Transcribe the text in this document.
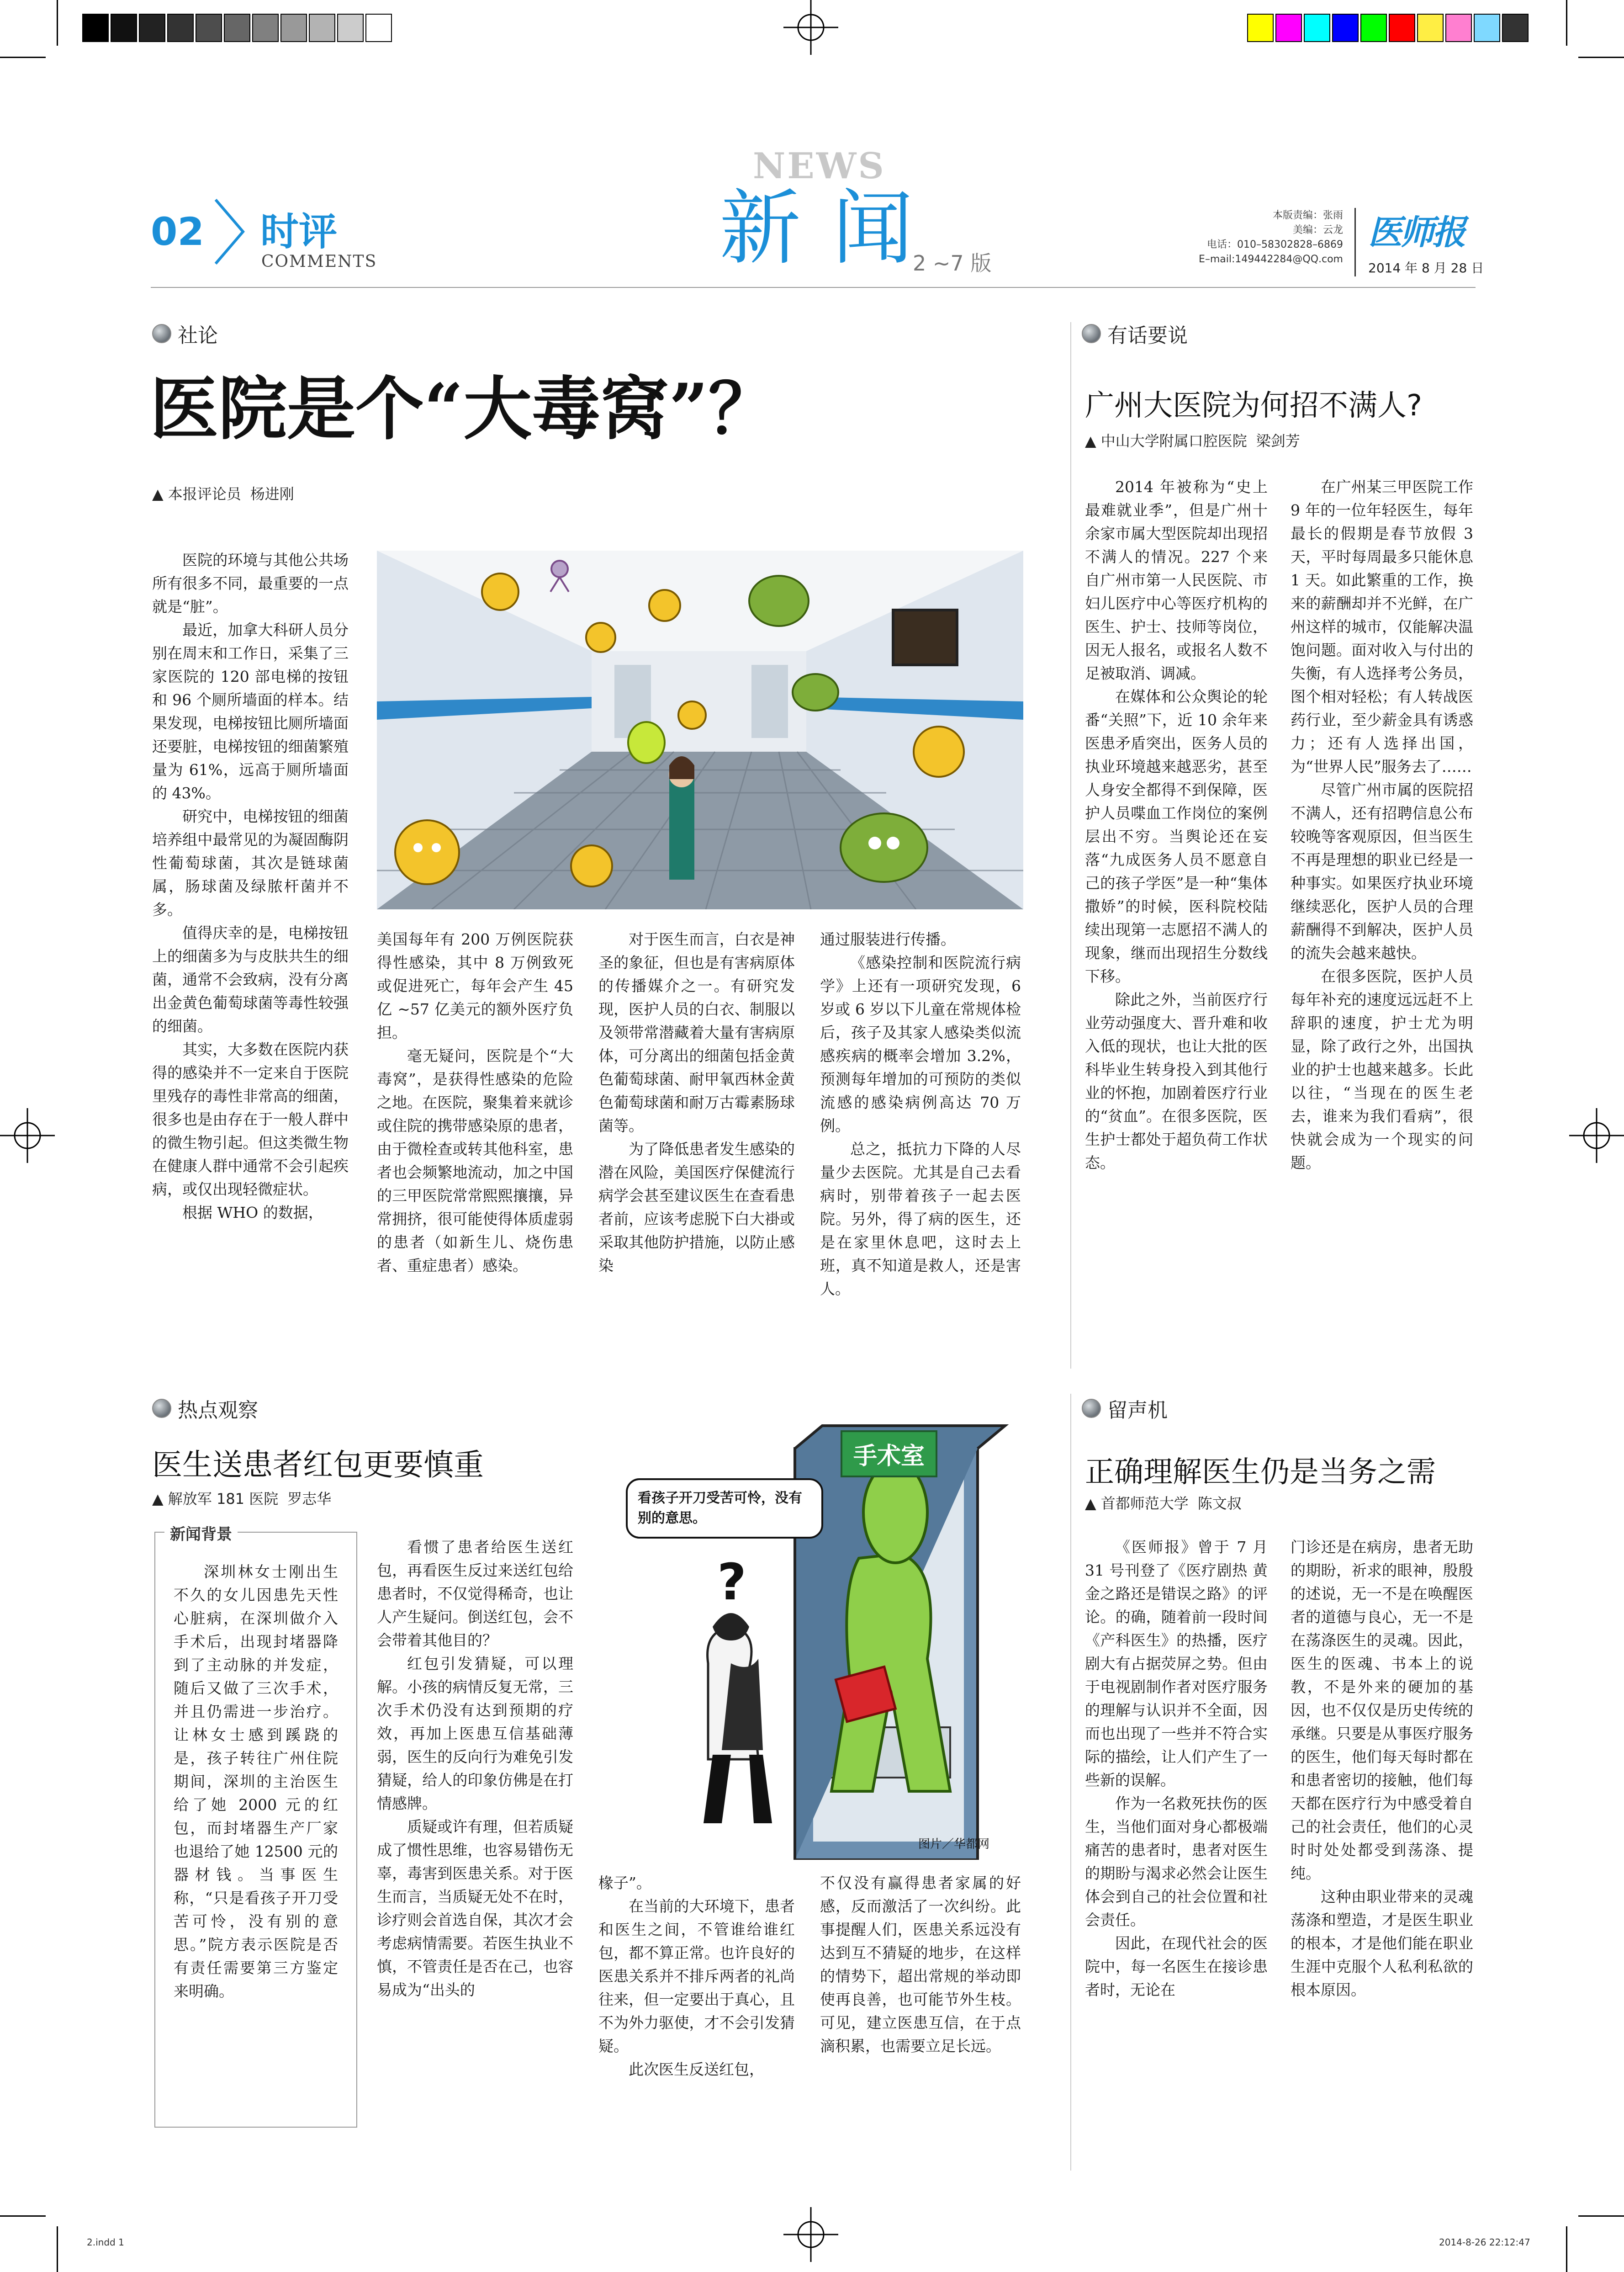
02 时评
COMMENTS
NEWS
新 闻
2 ~7 版
本版责编：张雨
美编：云龙
电话：010–58302828–6869
E–mail:149442284@QQ.com
医师报
2014 年 8 月 28 日
社论
医院是个“大毒窝”？
▲ 本报评论员 杨进刚

医院的环境与其他公共场所有很多不同，最重要的一点就是“脏”。

最近，加拿大科研人员分别在周末和工作日，采集了三家医院的 120 部电梯的按钮和 96 个厕所墙面的样本。结果发现，电梯按钮比厕所墙面还要脏，电梯按钮的细菌繁殖量为 61%，远高于厕所墙面的 43%。

研究中，电梯按钮的细菌培养组中最常见的为凝固酶阴性葡萄球菌，其次是链球菌属，肠球菌及绿脓杆菌并不多。

值得庆幸的是，电梯按钮上的细菌多为与皮肤共生的细菌，通常不会致病，没有分离出金黄色葡萄球菌等毒性较强的细菌。

其实，大多数在医院内获得的感染并不一定来自于医院里残存的毒性非常高的细菌，很多也是由存在于一般人群中的微生物引起。但这类微生物在健康人群中通常不会引起疾病，或仅出现轻微症状。

根据 WHO 的数据，

美国每年有 200 万例医院获得性感染，其中 8 万例致死或促进死亡，每年会产生 45 亿 ~57 亿美元的额外医疗负担。

毫无疑问，医院是个“大毒窝”，是获得性感染的危险之地。在医院，聚集着来就诊或住院的携带感染原的患者，由于微栓查或转其他科室，患者也会频繁地流动，加之中国的三甲医院常常熙熙攘攘，异常拥挤，很可能使得体质虚弱的患者（如新生儿、烧伤患者、重症患者）感染。

对于医生而言，白衣是神圣的象征，但也是有害病原体的传播媒介之一。有研究发现，医护人员的白衣、制服以及领带常潜藏着大量有害病原体，可分离出的细菌包括金黄色葡萄球菌、耐甲氧西林金黄色葡萄球菌和耐万古霉素肠球菌等。

为了降低患者发生感染的潜在风险，美国医疗保健流行病学会甚至建议医生在查看患者前，应该考虑脱下白大褂或采取其他防护措施，以防止感染

通过服装进行传播。

《感染控制和医院流行病学》上还有一项研究发现，6 岁或 6 岁以下儿童在常规体检后，孩子及其家人感染类似流感疾病的概率会增加 3.2%，预测每年增加的可预防的类似流感的感染病例高达 70 万例。

总之，抵抗力下降的人尽量少去医院。尤其是自己去看病时，别带着孩子一起去医院。另外，得了病的医生，还是在家里休息吧，这时去上班，真不知道是救人，还是害人。

有话要说
广州大医院为何招不满人?
▲ 中山大学附属口腔医院 梁剑芳

2014 年被称为“史上最难就业季”，但是广州十余家市属大型医院却出现招不满人的情况。227 个来自广州市第一人民医院、市妇儿医疗中心等医疗机构的医生、护士、技师等岗位，因无人报名，或报名人数不足被取消、调减。

在媒体和公众舆论的轮番“关照”下，近 10 余年来医患矛盾突出，医务人员的执业环境越来越恶劣，甚至人身安全都得不到保障，医护人员喋血工作岗位的案例层出不穷。当舆论还在妄落“九成医务人员不愿意自己的孩子学医”是一种“集体撒娇”的时候，医科院校陆续出现第一志愿招不满人的现象，继而出现招生分数线下移。

除此之外，当前医疗行业劳动强度大、晋升难和收入低的现状，也让大批的医科毕业生转身投入到其他行业的怀抱，加剧着医疗行业的“贫血”。在很多医院，医生护士都处于超负荷工作状态。

在广州某三甲医院工作 9 年的一位年轻医生，每年最长的假期是春节放假 3 天，平时每周最多只能休息 1 天。如此繁重的工作，换来的薪酬却并不光鲜，在广州这样的城市，仅能解决温饱问题。面对收入与付出的失衡，有人选择考公务员，图个相对轻松；有人转战医药行业，至少薪金具有诱惑力；还有人选择出国，为“世界人民”服务去了……

尽管广州市属的医院招不满人，还有招聘信息公布较晚等客观原因，但当医生不再是理想的职业已经是一种事实。如果医疗执业环境继续恶化，医护人员的合理薪酬得不到解决，医护人员的流失会越来越快。

在很多医院，医护人员每年补充的速度远远赶不上辞职的速度，护士尤为明显，除了政行之外，出国执业的护士也越来越多。长此以往，“当现在的医生老去，谁来为我们看病”，很快就会成为一个现实的问题。

热点观察
医生送患者红包更要慎重
▲ 解放军 181 医院 罗志华
新闻背景

深圳林女士刚出生不久的女儿因患先天性心脏病，在深圳做介入手术后，出现封堵器降到了主动脉的并发症，随后又做了三次手术，并且仍需进一步治疗。让林女士感到蹊跷的是，孩子转往广州住院期间，深圳的主治医生给了她 2000 元的红包，而封堵器生产厂家也退给了她 12500 元的器材钱。当事医生称，“只是看孩子开刀受苦可怜，没有别的意思。”院方表示医院是否有责任需要第三方鉴定来明确。

看惯了患者给医生送红包，再看医生反过来送红包给患者时，不仅觉得稀奇，也让人产生疑问。倒送红包，会不会带着其他目的？

红包引发猜疑，可以理解。小孩的病情反复无常，三次手术仍没有达到预期的疗效，再加上医患互信基础薄弱，医生的反向行为难免引发猜疑，给人的印象仿佛是在打情感牌。

质疑或许有理，但若质疑成了惯性思维，也容易错伤无辜，毒害到医患关系。对于医生而言，当质疑无处不在时，诊疗则会首选自保，其次才会考虑病情需要。若医生执业不慎，不管责任是否在己，也容易成为“出头的

?
手术室
看孩子开刀受苦可怜，没有别的意思。
图片／华都网

椽子”。

在当前的大环境下，患者和医生之间，不管谁给谁红包，都不算正常。也许良好的医患关系并不排斥两者的礼尚往来，但一定要出于真心，且不为外力驱使，才不会引发猜疑。

此次医生反送红包，

不仅没有赢得患者家属的好感，反而激活了一次纠纷。此事提醒人们，医患关系远没有达到互不猜疑的地步，在这样的情势下，超出常规的举动即使再良善，也可能节外生枝。可见，建立医患互信，在于点滴积累，也需要立足长远。

留声机
正确理解医生仍是当务之需
▲ 首都师范大学 陈文叔

《医师报》曾于 7 月 31 号刊登了《医疗剧热 黄金之路还是错误之路》的评论。的确，随着前一段时间《产科医生》的热播，医疗剧大有占据荧屏之势。但由于电视剧制作者对医疗服务的理解与认识并不全面，因而也出现了一些并不符合实际的描绘，让人们产生了一些新的误解。

作为一名救死扶伤的医生，当他们面对身心都极端痛苦的患者时，患者对医生的期盼与渴求必然会让医生体会到自己的社会位置和社会责任。

因此，在现代社会的医院中，每一名医生在接诊患者时，无论在

门诊还是在病房，患者无助的期盼，祈求的眼神，殷殷的述说，无一不是在唤醒医者的道德与良心，无一不是在荡涤医生的灵魂。因此，医生的医魂、书本上的说教，不是外来的硬加的基因，也不仅仅是历史传统的承继。只要是从事医疗服务的医生，他们每天每时都在和患者密切的接触，他们每天都在医疗行为中感受着自己的社会责任，他们的心灵时时处处都受到荡涤、提纯。

这种由职业带来的灵魂荡涤和塑造，才是医生职业的根本，才是他们能在职业生涯中克服个人私利私欲的根本原因。

2.indd 1	2014-8-26 22:12:47
